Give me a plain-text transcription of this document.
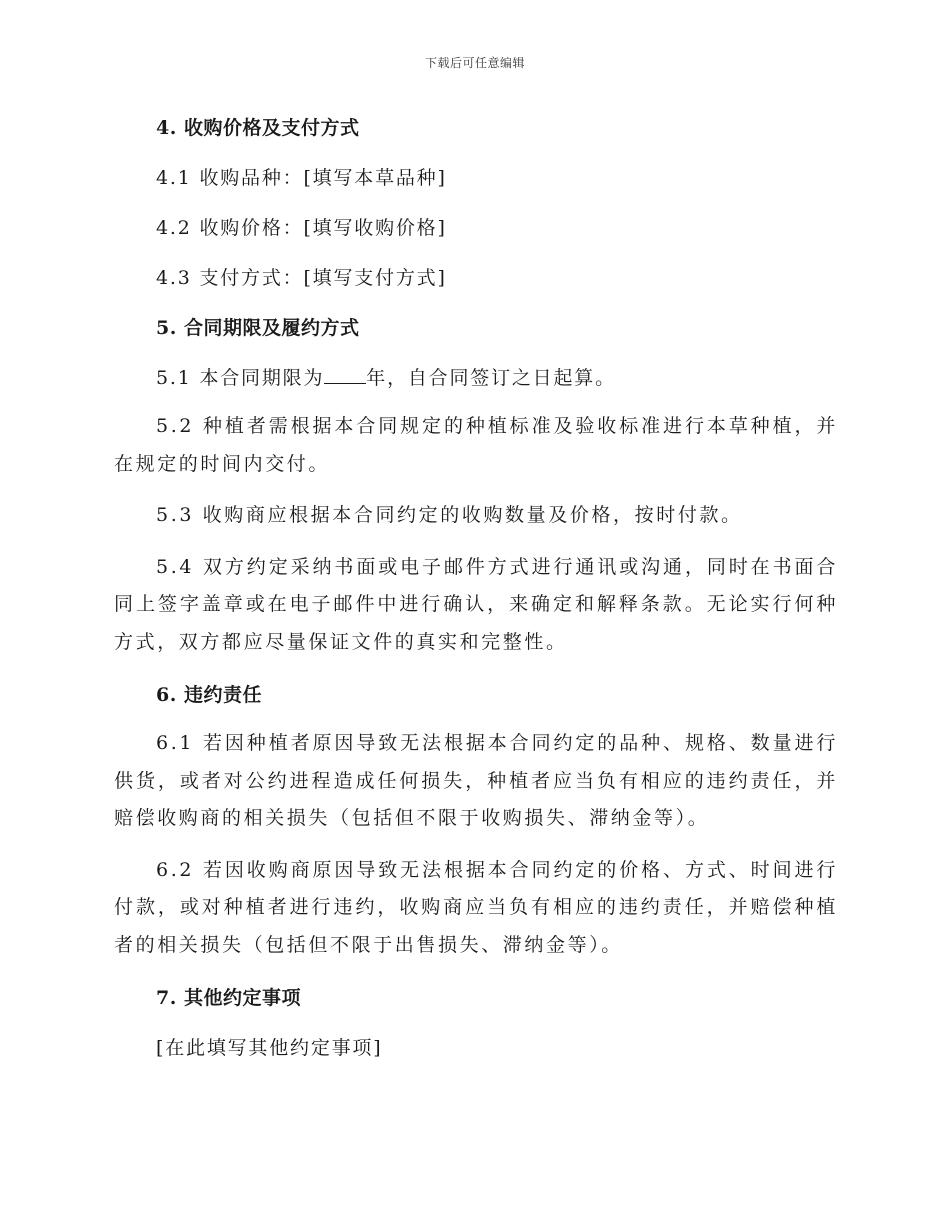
下载后可任意编辑
4. 收购价格及支付方式

4.1 收购品种：[填写本草品种]

4.2 收购价格：[填写收购价格]

4.3 支付方式：[填写支付方式]

5. 合同期限及履约方式

5.1 本合同期限为 年，自合同签订之日起算。

5.2 种植者需根据本合同规定的种植标准及验收标准进行本草种植，并在规定的时间内交付。

5.3 收购商应根据本合同约定的收购数量及价格，按时付款。

5.4 双方约定采纳书面或电子邮件方式进行通讯或沟通，同时在书面合同上签字盖章或在电子邮件中进行确认，来确定和解释条款。无论实行何种方式，双方都应尽量保证文件的真实和完整性。

6. 违约责任

6.1 若因种植者原因导致无法根据本合同约定的品种、规格、数量进行供货，或者对公约进程造成任何损失，种植者应当负有相应的违约责任，并赔偿收购商的相关损失（包括但不限于收购损失、滞纳金等）。

6.2 若因收购商原因导致无法根据本合同约定的价格、方式、时间进行付款，或对种植者进行违约，收购商应当负有相应的违约责任，并赔偿种植者的相关损失（包括但不限于出售损失、滞纳金等）。

7. 其他约定事项

[在此填写其他约定事项]
